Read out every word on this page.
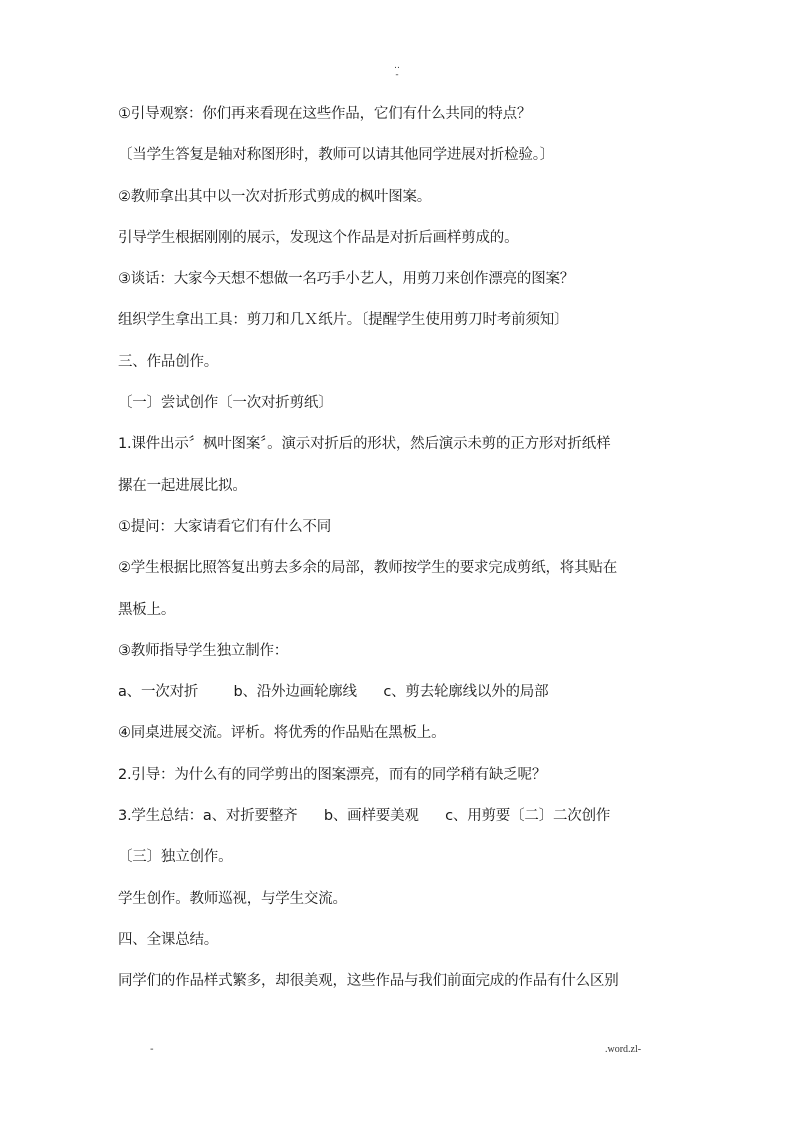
..
-
①引导观察：你们再来看现在这些作品，它们有什么共同的特点？
〔当学生答复是轴对称图形时，教师可以请其他同学进展对折检验。〕
②教师拿出其中以一次对折形式剪成的枫叶图案。
引导学生根据刚刚的展示，发现这个作品是对折后画样剪成的。
③谈话：大家今天想不想做一名巧手小艺人，用剪刀来创作漂亮的图案？
组织学生拿出工具：剪刀和几Ｘ纸片。〔提醒学生使用剪刀时考前须知〕
三、作品创作。
〔一〕尝试创作〔一次对折剪纸〕
1.课件出示〞枫叶图案〞。演示对折后的形状，然后演示未剪的正方形对折纸样
摞在一起进展比拟。
①提问：大家请看它们有什么不同
②学生根据比照答复出剪去多余的局部，教师按学生的要求完成剪纸，将其贴在
黑板上。
③教师指导学生独立制作：
a、一次对折        b、沿外边画轮廓线      c、剪去轮廓线以外的局部
④同桌进展交流。评析。将优秀的作品贴在黑板上。
2.引导：为什么有的同学剪出的图案漂亮，而有的同学稍有缺乏呢？
3.学生总结：a、对折要整齐      b、画样要美观      c、用剪要〔二〕二次创作
〔三〕独立创作。
学生创作。教师巡视，与学生交流。
四、全课总结。
同学们的作品样式繁多，却很美观，这些作品与我们前面完成的作品有什么区别
-	.word.zl-
